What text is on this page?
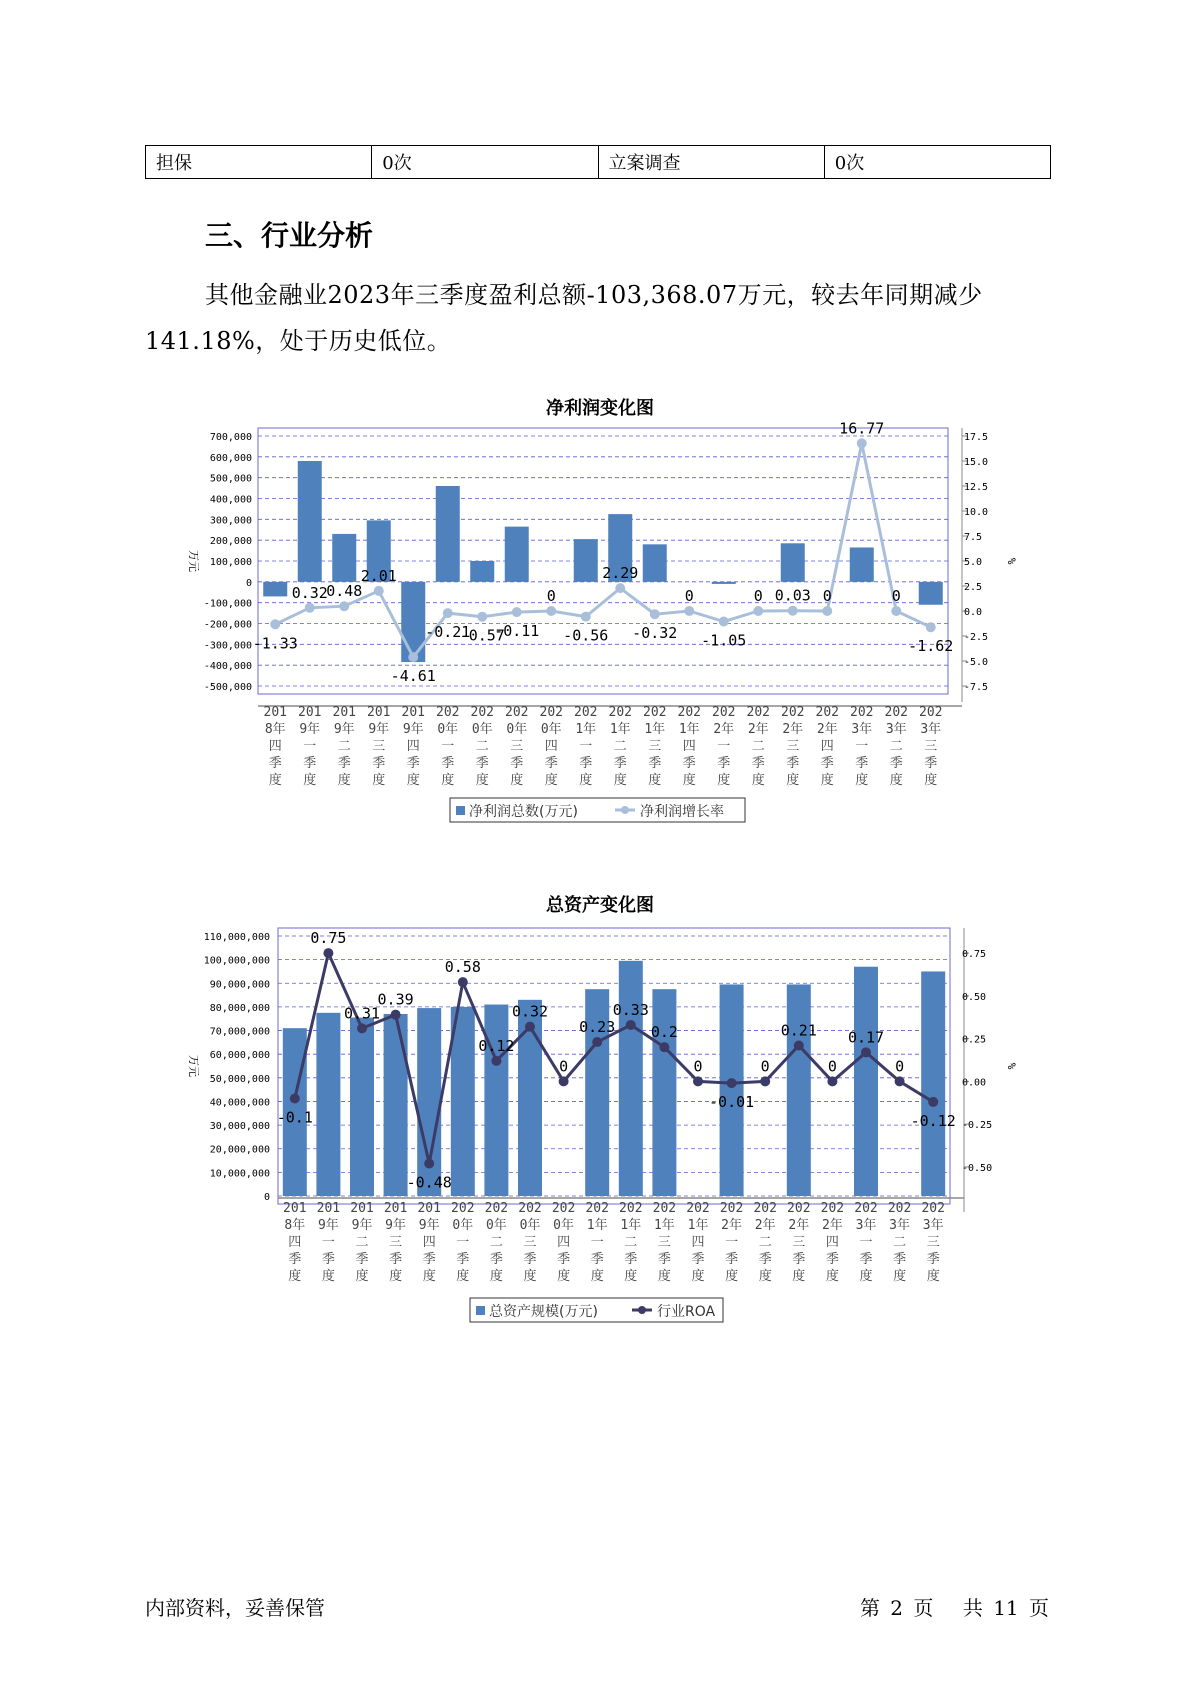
担保	0次	立案调查	0次
三、行业分析

其他金融业2023年三季度盈利总额-103,368.07万元，较去年同期减少141.18%，处于历史低位。

净利润变化图
700,000
600,000
500,000
400,000
300,000
200,000
100,000
0
-100,000
-200,000
-300,000
-400,000
-500,000
17.5
15.0
12.5
10.0
7.5
5.0
2.5
0.0
-2.5
-5.0
-7.5
万元	%
-1.33
0.32
0.48
2.01
-4.61
-0.21
-0.57
-0.11
0
-0.56
2.29
-0.32
0
-1.05
0 0.03 0
16.77
0
-1.62
201 8年四季度
201 9年一季度
201 9年二季度
201 9年三季度
201 9年四季度
202 0年一季度
202 0年二季度
202 0年三季度
202 0年四季度
202 1年一季度
202 1年二季度
202 1年三季度
202 1年四季度
202 2年一季度
202 2年二季度
202 2年三季度
202 2年四季度
202 3年一季度
202 3年二季度
202 3年三季度
净利润总数(万元)	净利润增长率
总资产变化图
110,000,000
100,000,000
90,000,000
80,000,000
70,000,000
60,000,000
50,000,000
40,000,000
30,000,000
20,000,000
10,000,000
0
0.75
0.50
0.25
0.00
-0.25
-0.50
万元	%
-0.1
0.75
0.31
0.39
-0.48
0.58
0.12
0.32
0
0.23
0.33
0.2
0
-0.01
0
0.21
0
0.17
0
-0.12
201 8年四季度
201 9年一季度
201 9年二季度
201 9年三季度
201 9年四季度
202 0年一季度
202 0年二季度
202 0年三季度
202 0年四季度
202 1年一季度
202 1年二季度
202 1年三季度
202 1年四季度
202 2年一季度
202 2年二季度
202 2年三季度
202 2年四季度
202 3年一季度
202 3年二季度
202 3年三季度
总资产规模(万元)	行业ROA
内部资料，妥善保管	第 2 页 共 11 页
